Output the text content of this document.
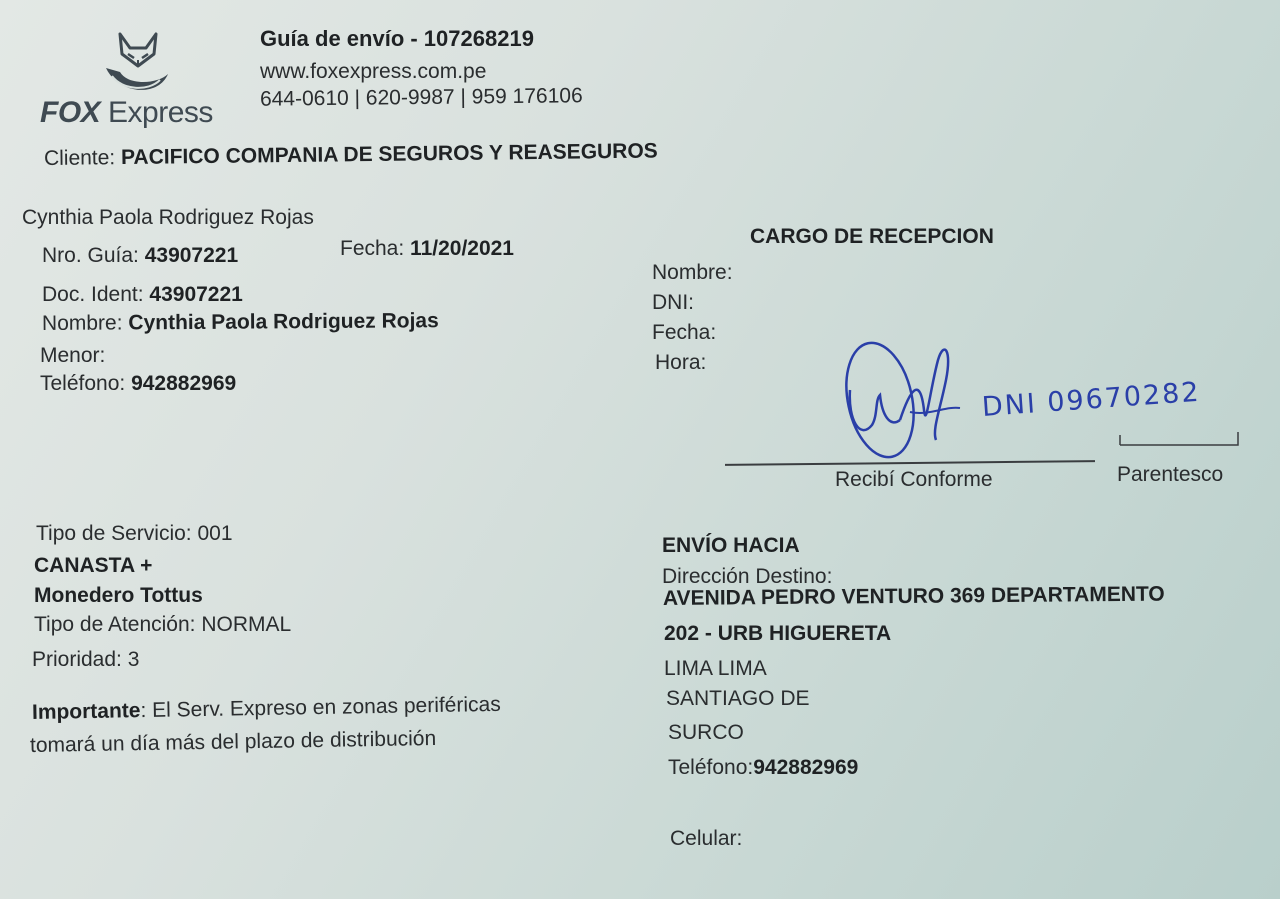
FOX Express
Guía de envío - 107268219
www.foxexpress.com.pe
644-0610 | 620-9987 | 959 176106
Cliente: PACIFICO COMPANIA DE SEGUROS Y REASEGUROS
Cynthia Paola Rodriguez Rojas
Nro. Guía: 43907221	Fecha: 11/20/2021
Doc. Ident: 43907221
Nombre: Cynthia Paola Rodriguez Rojas
Menor:
Teléfono: 942882969
CARGO DE RECEPCION
Nombre:
DNI:
Fecha:
Hora:
DNI 09670282
Recibí Conforme	Parentesco
Tipo de Servicio: 001
CANASTA +
Monedero Tottus
Tipo de Atención: NORMAL
Prioridad: 3
Importante: El Serv. Expreso en zonas periféricas
tomará un día más del plazo de distribución
ENVÍO HACIA
Dirección Destino:
AVENIDA PEDRO VENTURO 369 DEPARTAMENTO
202 - URB HIGUERETA
LIMA LIMA
SANTIAGO DE
SURCO
Teléfono:942882969
Celular:
